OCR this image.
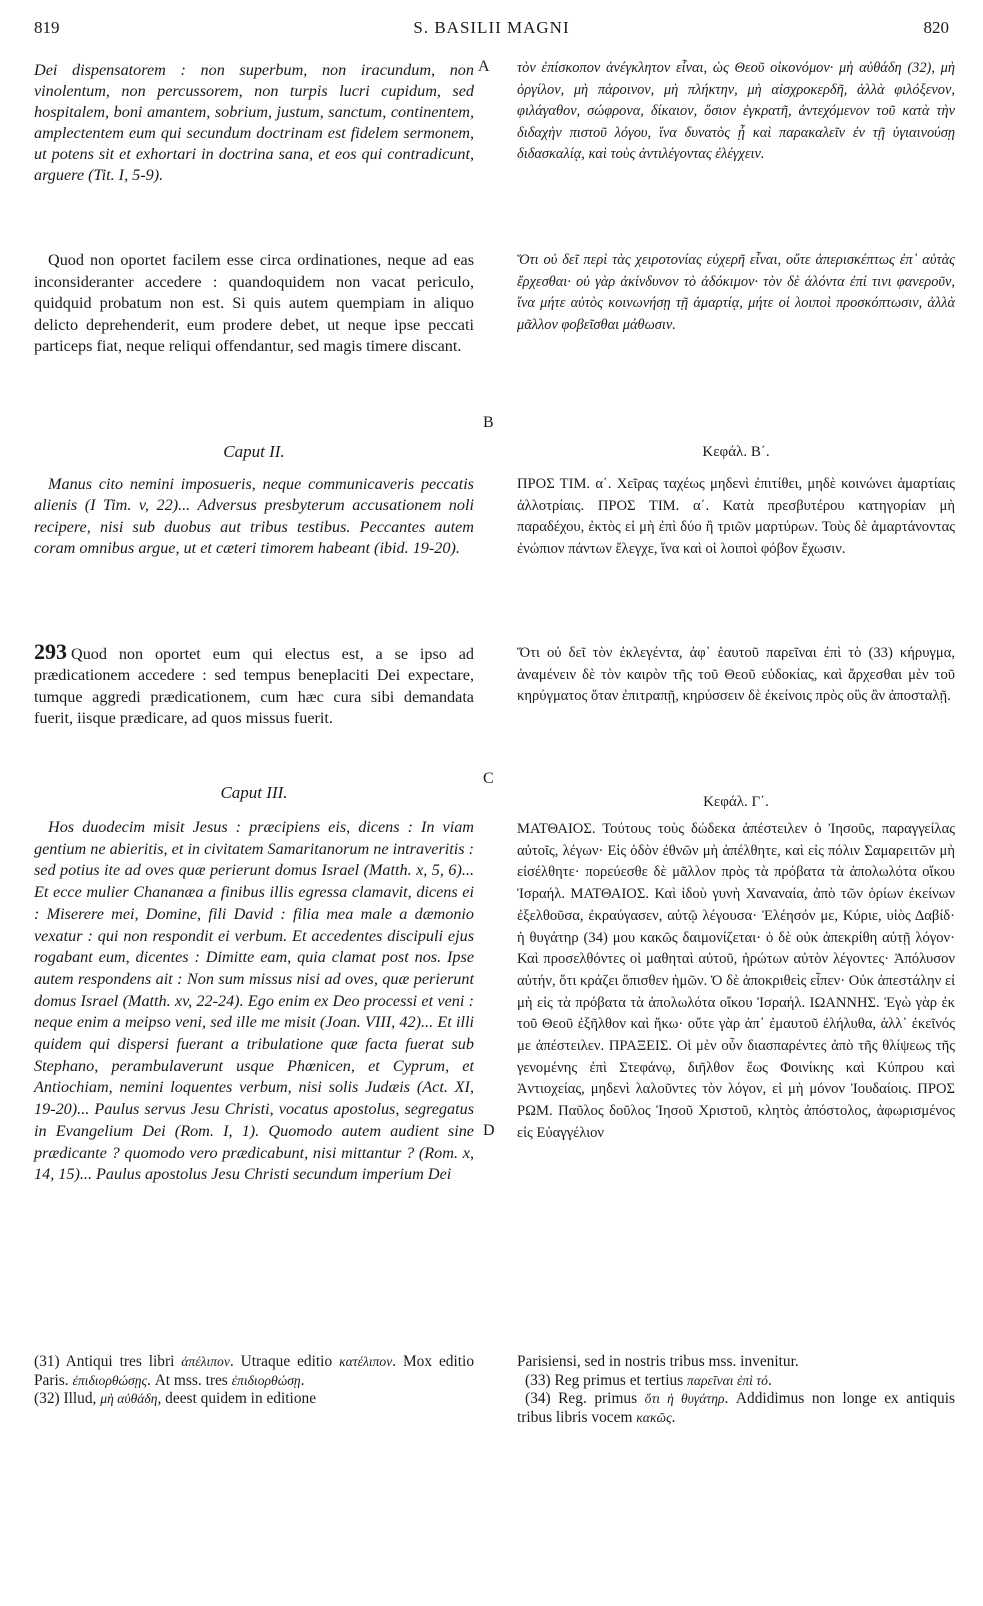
819	S. BASILII MAGNI	820
A
B
C
D

Dei dispensatorem : non superbum, non iracundum, non vinolentum, non percussorem, non turpis lucri cupidum, sed hospitalem, boni amantem, sobrium, justum, sanctum, continentem, amplectentem eum qui secundum doctrinam est fidelem sermonem, ut potens sit et exhortari in doctrina sana, et eos qui contradicunt, arguere (Tit. I, 5-9).

Quod non oportet facilem esse circa ordinationes, neque ad eas inconsideranter accedere : quandoquidem non vacat periculo, quidquid probatum non est. Si quis autem quempiam in aliquo delicto deprehenderit, eum prodere debet, ut neque ipse peccati particeps fiat, neque reliqui offendantur, sed magis timere discant.

Caput II.

Manus cito nemini imposueris, neque communicaveris peccatis alienis (I Tim. v, 22)... Adversus presbyterum accusationem noli recipere, nisi sub duobus aut tribus testibus. Peccantes autem coram omnibus argue, ut et cæteri timorem habeant (ibid. 19-20).

293 Quod non oportet eum qui electus est, a se ipso ad prædicationem accedere : sed tempus beneplaciti Dei expectare, tumque aggredi prædicationem, cum hæc cura sibi demandata fuerit, iisque prædicare, ad quos missus fuerit.

Caput III.

Hos duodecim misit Jesus : præcipiens eis, dicens : In viam gentium ne abieritis, et in civitatem Samaritanorum ne intraveritis : sed potius ite ad oves quæ perierunt domus Israel (Matth. x, 5, 6)... Et ecce mulier Chananæa a finibus illis egressa clamavit, dicens ei : Miserere mei, Domine, fili David : filia mea male a dæmonio vexatur : qui non respondit ei verbum. Et accedentes discipuli ejus rogabant eum, dicentes : Dimitte eam, quia clamat post nos. Ipse autem respondens ait : Non sum missus nisi ad oves, quæ perierunt domus Israel (Matth. xv, 22-24). Ego enim ex Deo processi et veni : neque enim a meipso veni, sed ille me misit (Joan. VIII, 42)... Et illi quidem qui dispersi fuerant a tribulatione quæ facta fuerat sub Stephano, perambulaverunt usque Phœnicen, et Cyprum, et Antiochiam, nemini loquentes verbum, nisi solis Judæis (Act. XI, 19-20)... Paulus servus Jesu Christi, vocatus apostolus, segregatus in Evangelium Dei (Rom. I, 1). Quomodo autem audient sine prædicante ? quomodo vero prædicabunt, nisi mittantur ? (Rom. x, 14, 15)... Paulus apostolus Jesu Christi secundum imperium Dei

τὸν ἐπίσκοπον ἀνέγκλητον εἶναι, ὡς Θεοῦ οἰκονόμον· μὴ αὐθάδη (32), μὴ ὀργίλον, μὴ πάροινον, μὴ πλήκτην, μὴ αἰσχροκερδῆ, ἀλλὰ φιλόξενον, φιλάγαθον, σώφρονα, δίκαιον, ὅσιον ἐγκρατῆ, ἀντεχόμενον τοῦ κατὰ τὴν διδαχὴν πιστοῦ λόγου, ἵνα δυνατὸς ᾖ καὶ παρακαλεῖν ἐν τῇ ὑγιαινούσῃ διδασκαλίᾳ, καὶ τοὺς ἀντιλέγοντας ἐλέγχειν.

Ὅτι οὐ δεῖ περὶ τὰς χειροτονίας εὐχερῆ εἶναι, οὔτε ἀπερισκέπτως ἐπ᾽ αὐτὰς ἔρχεσθαι· οὐ γὰρ ἀκίνδυνον τὸ ἀδόκιμον· τὸν δὲ ἁλόντα ἐπί τινι φανεροῦν, ἵνα μήτε αὐτὸς κοινωνήσῃ τῇ ἁμαρτίᾳ, μήτε οἱ λοιποὶ προσκόπτωσιν, ἀλλὰ μᾶλλον φοβεῖσθαι μάθωσιν.

Κεφάλ. Β΄.

ΠΡΟΣ ΤΙΜ. α΄. Χεῖρας ταχέως μηδενὶ ἐπιτίθει, μηδὲ κοινώνει ἁμαρτίαις ἀλλοτρίαις. ΠΡΟΣ ΤΙΜ. α΄. Κατὰ πρεσβυτέρου κατηγορίαν μὴ παραδέχου, ἐκτὸς εἰ μὴ ἐπὶ δύο ἢ τριῶν μαρτύρων. Τοὺς δὲ ἁμαρτάνοντας ἐνώπιον πάντων ἔλεγχε, ἵνα καὶ οἱ λοιποὶ φόβον ἔχωσιν.

Ὅτι οὐ δεῖ τὸν ἐκλεγέντα, ἀφ᾽ ἑαυτοῦ παρεῖναι ἐπὶ τὸ (33) κήρυγμα, ἀναμένειν δὲ τὸν καιρὸν τῆς τοῦ Θεοῦ εὐδοκίας, καὶ ἄρχεσθαι μὲν τοῦ κηρύγματος ὅταν ἐπιτραπῇ, κηρύσσειν δὲ ἐκείνοις πρὸς οὓς ἂν ἀποσταλῇ.

Κεφάλ. Γ΄.

ΜΑΤΘΑΙΟΣ. Τούτους τοὺς δώδεκα ἀπέστειλεν ὁ Ἰησοῦς, παραγγείλας αὐτοῖς, λέγων· Εἰς ὁδὸν ἐθνῶν μὴ ἀπέλθητε, καὶ εἰς πόλιν Σαμαρειτῶν μὴ εἰσέλθητε· πορεύεσθε δὲ μᾶλλον πρὸς τὰ πρόβατα τὰ ἀπολωλότα οἴκου Ἰσραήλ. ΜΑΤΘΑΙΟΣ. Καὶ ἰδοὺ γυνὴ Χαναναία, ἀπὸ τῶν ὁρίων ἐκείνων ἐξελθοῦσα, ἐκραύγασεν, αὐτῷ λέγουσα· Ἐλέησόν με, Κύριε, υἱὸς Δαβίδ· ἡ θυγάτηρ (34) μου κακῶς δαιμονίζεται· ὁ δὲ οὐκ ἀπεκρίθη αὐτῇ λόγον· Καὶ προσελθόντες οἱ μαθηταὶ αὐτοῦ, ἠρώτων αὐτὸν λέγοντες· Ἀπόλυσον αὐτήν, ὅτι κράζει ὄπισθεν ἡμῶν. Ὁ δὲ ἀποκριθεὶς εἶπεν· Οὐκ ἀπεστάλην εἰ μὴ εἰς τὰ πρόβατα τὰ ἀπολωλότα οἴκου Ἰσραήλ. ΙΩΑΝΝΗΣ. Ἐγὼ γὰρ ἐκ τοῦ Θεοῦ ἐξῆλθον καὶ ἥκω· οὔτε γὰρ ἀπ᾽ ἐμαυτοῦ ἐλήλυθα, ἀλλ᾽ ἐκεῖνός με ἀπέστειλεν. ΠΡΑΞΕΙΣ. Οἱ μὲν οὖν διασπαρέντες ἀπὸ τῆς θλίψεως τῆς γενομένης ἐπὶ Στεφάνῳ, διῆλθον ἕως Φοινίκης καὶ Κύπρου καὶ Ἀντιοχείας, μηδενὶ λαλοῦντες τὸν λόγον, εἰ μὴ μόνον Ἰουδαίοις. ΠΡΟΣ ΡΩΜ. Παῦλος δοῦλος Ἰησοῦ Χριστοῦ, κλητὸς ἀπόστολος, ἀφωρισμένος εἰς Εὐαγγέλιον

(31) Antiqui tres libri ἀπέλιπον. Utraque editio κατέλιπον. Mox editio Paris. ἐπιδιορθώσῃς. At mss. tres ἐπιδιορθώσῃ.

(32) Illud, μὴ αὐθάδη, deest quidem in editione

Parisiensi, sed in nostris tribus mss. invenitur.

(33) Reg primus et tertius παρεῖναι ἐπὶ τό.

(34) Reg. primus ὅτι ἡ θυγάτηρ. Addidimus non longe ex antiquis tribus libris vocem κακῶς.
